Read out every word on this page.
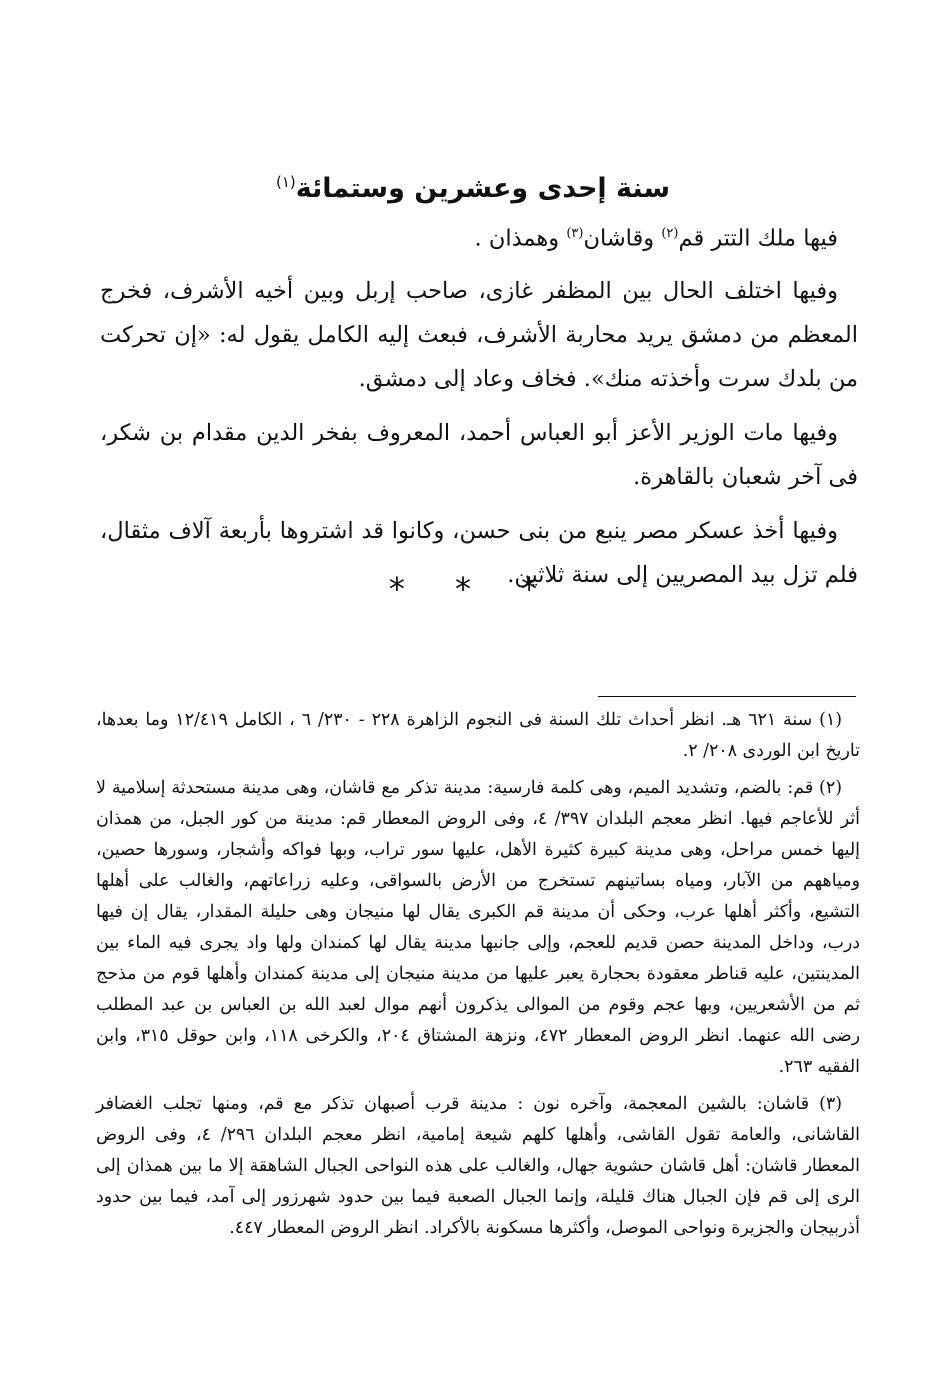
سنة إحدى وعشرين وستمائة$^{(١)}$

فيها ملك التتر قم$^{(٢)}$ وقاشان$^{(٣)}$ وهمذان .

وفيها اختلف الحال بين المظفر غازى، صاحب إربل وبين أخيه الأشرف، فخرج المعظم من دمشق يريد محاربة الأشرف، فبعث إليه الكامل يقول له: «إن تحركت من بلدك سرت وأخذته منك». فخاف وعاد إلى دمشق.

وفيها مات الوزير الأعز أبو العباس أحمد، المعروف بفخر الدين مقدام بن شكر، فى آخر شعبان بالقاهرة.

وفيها أخذ عسكر مصر ينبع من بنى حسن، وكانوا قد اشتروها بأربعة آلاف مثقال، فلم تزل بيد المصريين إلى سنة ثلاثين.

* * *

(١) سنة ٦٢١ هـ. انظر أحداث تلك السنة فى النجوم الزاهرة ٢٢٨ - ٢٣٠/ ٦ ، الكامل ١٢/٤١٩ وما بعدها، تاريخ ابن الوردى ٢٠٨/ ٢.

(٢) قم: بالضم، وتشديد الميم، وهى كلمة فارسية: مدينة تذكر مع قاشان، وهى مدينة مستحدثة إسلامية لا أثر للأعاجم فيها. انظر معجم البلدان ٣٩٧/ ٤، وفى الروض المعطار قم: مدينة من كور الجبل، من همذان إليها خمس مراحل، وهى مدينة كبيرة كثيرة الأهل، عليها سور تراب، وبها فواكه وأشجار، وسورها حصين، ومياههم من الآبار، ومياه بساتينهم تستخرج من الأرض بالسواقى، وعليه زراعاتهم، والغالب على أهلها التشيع، وأكثر أهلها عرب، وحكى أن مدينة قم الكبرى يقال لها منيجان وهى حليلة المقدار، يقال إن فيها درب، وداخل المدينة حصن قديم للعجم، وإلى جانبها مدينة يقال لها كمندان ولها واد يجرى فيه الماء بين المدينتين، عليه قناطر معقودة بحجارة يعبر عليها من مدينة منيجان إلى مدينة كمندان وأهلها قوم من مذحج ثم من الأشعريين، وبها عجم وقوم من الموالى يذكرون أنهم موال لعبد الله بن العباس بن عبد المطلب رضى الله عنهما. انظر الروض المعطار ٤٧٢، ونزهة المشتاق ٢٠٤، والكرخى ١١٨، وابن حوقل ٣١٥، وابن الفقيه ٢٦٣.

(٣) قاشان: بالشين المعجمة، وآخره نون : مدينة قرب أصبهان تذكر مع قم، ومنها تجلب الغضافر القاشانى، والعامة تقول القاشى، وأهلها كلهم شيعة إمامية، انظر معجم البلدان ٢٩٦/ ٤، وفى الروض المعطار قاشان: أهل قاشان حشوية جهال، والغالب على هذه النواحى الجبال الشاهقة إلا ما بين همذان إلى الرى إلى قم فإن الجبال هناك قليلة، وإنما الجبال الصعبة فيما بين حدود شهرزور إلى آمد، فيما بين حدود أذربيجان والجزيرة ونواحى الموصل، وأكثرها مسكونة بالأكراد. انظر الروض المعطار ٤٤٧.
